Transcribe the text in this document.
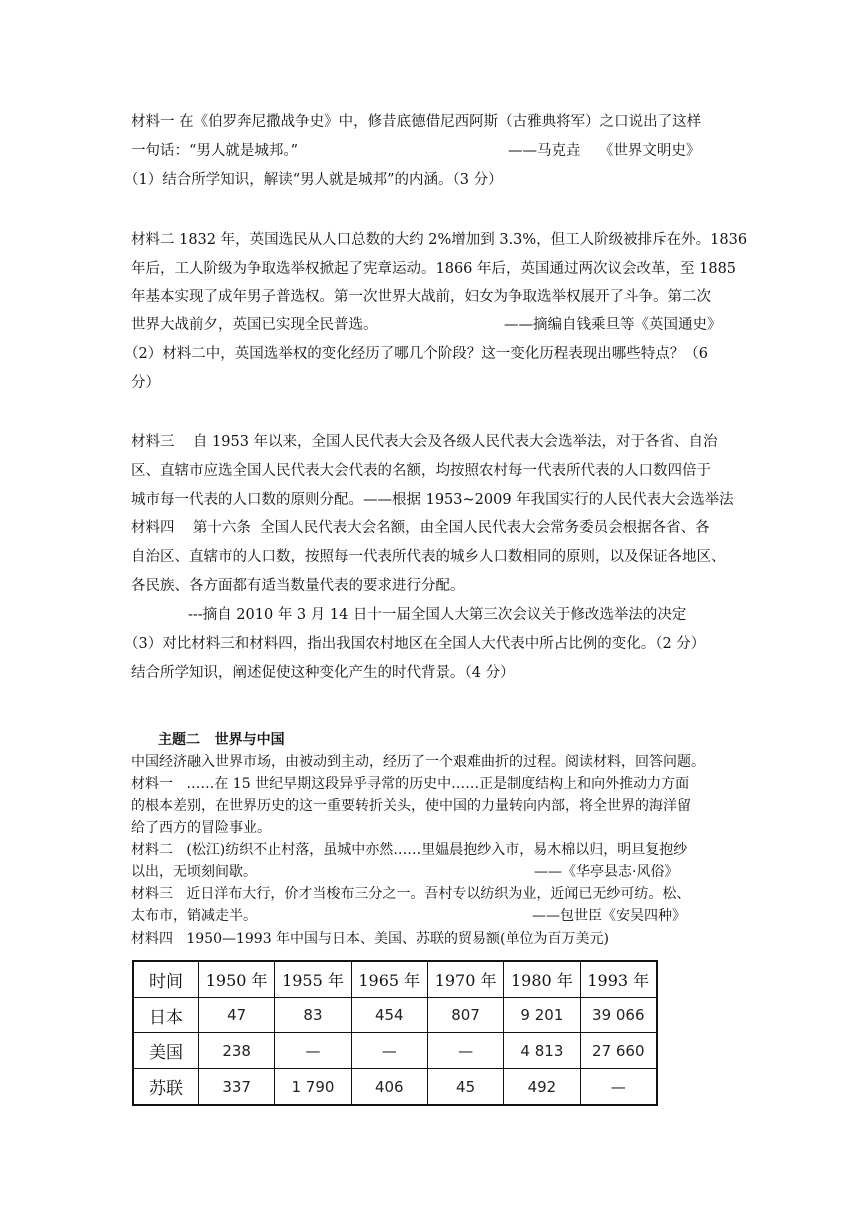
材料一 在《伯罗奔尼撒战争史》中，修昔底德借尼西阿斯（古雅典将军）之口说出了这样
一句话：“男人就是城邦。”	——马克垚    《世界文明史》
（1）结合所学知识，解读“男人就是城邦”的内涵。（3 分）
材料二 1832 年，英国选民从人口总数的大约 2%增加到 3.3%，但工人阶级被排斥在外。1836
年后，工人阶级为争取选举权掀起了宪章运动。1866 年后，英国通过两次议会改革，至 1885
年基本实现了成年男子普选权。第一次世界大战前，妇女为争取选举权展开了斗争。第二次
世界大战前夕，英国已实现全民普选。	——摘编自钱乘旦等《英国通史》
（2）材料二中，英国选举权的变化经历了哪几个阶段？这一变化历程表现出哪些特点？（6
分）
材料三    自 1953 年以来，全国人民代表大会及各级人民代表大会选举法，对于各省、自治
区、直辖市应选全国人民代表大会代表的名额，均按照农村每一代表所代表的人口数四倍于
城市每一代表的人口数的原则分配。——根据 1953~2009 年我国实行的人民代表大会选举法
材料四    第十六条  全国人民代表大会名额，由全国人民代表大会常务委员会根据各省、各
自治区、直辖市的人口数，按照每一代表所代表的城乡人口数相同的原则，以及保证各地区、
各民族、各方面都有适当数量代表的要求进行分配。
---摘自 2010 年 3 月 14 日十一届全国人大第三次会议关于修改选举法的决定
（3）对比材料三和材料四，指出我国农村地区在全国人大代表中所占比例的变化。（2 分）
结合所学知识，阐述促使这种变化产生的时代背景。（4 分）
主题二   世界与中国
中国经济融入世界市场，由被动到主动，经历了一个艰难曲折的过程。阅读材料，回答问题。
材料一   ……在 15 世纪早期这段异乎寻常的历史中……正是制度结构上和向外推动力方面
的根本差别，在世界历史的这一重要转折关头，使中国的力量转向内部，将全世界的海洋留
给了西方的冒险事业。
材料二   (松江)纺织不止村落，虽城中亦然……里媪晨抱纱入市，易木棉以归，明旦复抱纱
以出，无顷刻间歇。	——《华亭县志·风俗》
材料三   近日洋布大行，价才当梭布三分之一。吾村专以纺织为业，近闻已无纱可纺。松、
太布市，销减走半。	——包世臣《安吴四种》
材料四   1950—1993 年中国与日本、美国、苏联的贸易额(单位为百万美元)
时间	1950 年	1955 年	1965 年	1970 年	1980 年	1993 年
日本	47	83	454	807	9 201	39 066
美国	238	—	—	—	4 813	27 660
苏联	337	1 790	406	45	492	—
